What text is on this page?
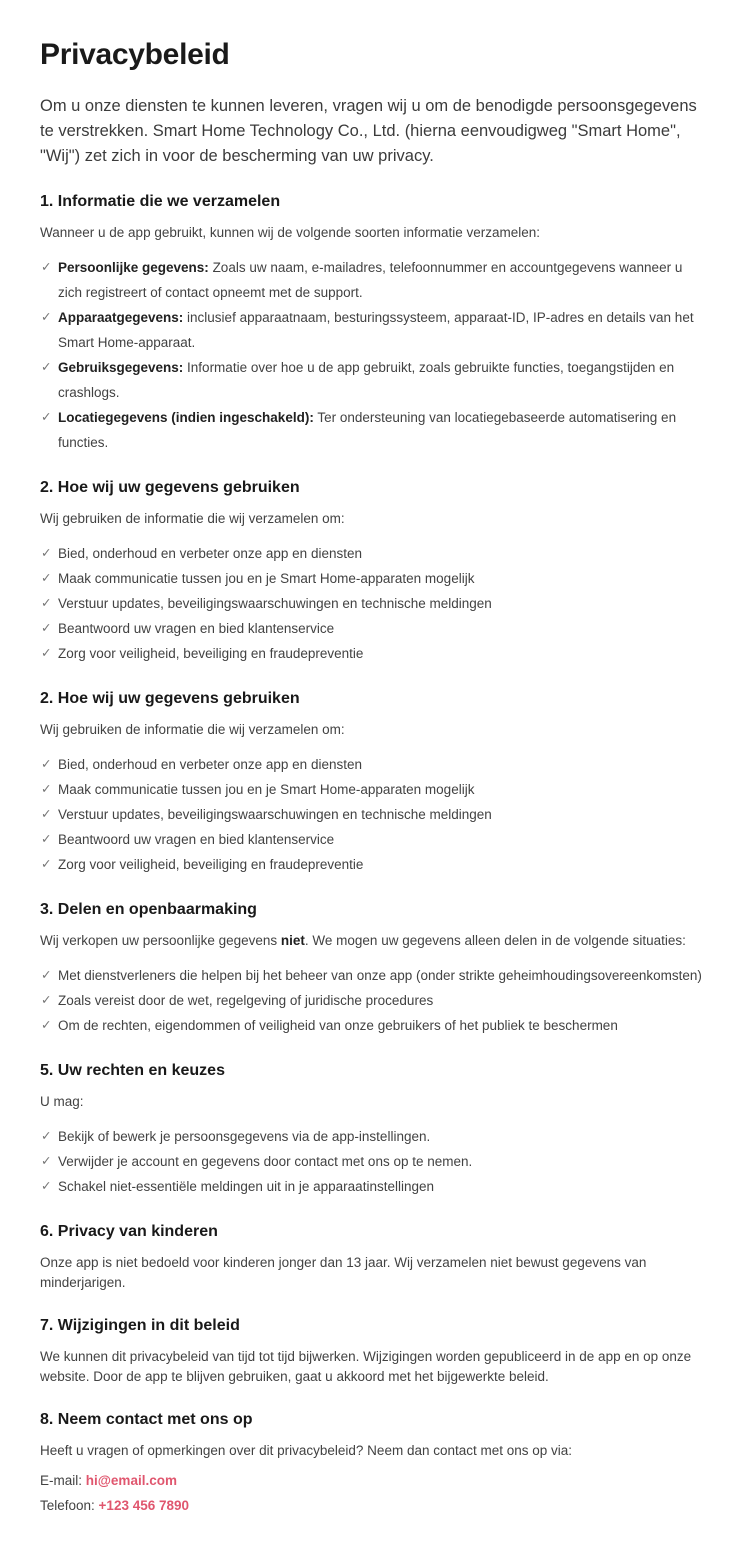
Privacybeleid

Om u onze diensten te kunnen leveren, vragen wij u om de benodigde persoonsgegevens te verstrekken. Smart Home Technology Co., Ltd. (hierna eenvoudigweg "Smart Home", "Wij") zet zich in voor de bescherming van uw privacy.

1. Informatie die we verzamelen

Wanneer u de app gebruikt, kunnen wij de volgende soorten informatie verzamelen:

✓ Persoonlijke gegevens: Zoals uw naam, e-mailadres, telefoonnummer en accountgegevens wanneer u zich registreert of contact opneemt met de support.
✓ Apparaatgegevens: inclusief apparaatnaam, besturingssysteem, apparaat-ID, IP-adres en details van het Smart Home-apparaat.
✓ Gebruiksgegevens: Informatie over hoe u de app gebruikt, zoals gebruikte functies, toegangstijden en crashlogs.
✓ Locatiegegevens (indien ingeschakeld): Ter ondersteuning van locatiegebaseerde automatisering en functies.
2. Hoe wij uw gegevens gebruiken

Wij gebruiken de informatie die wij verzamelen om:

✓ Bied, onderhoud en verbeter onze app en diensten
✓ Maak communicatie tussen jou en je Smart Home-apparaten mogelijk
✓ Verstuur updates, beveiligingswaarschuwingen en technische meldingen
✓ Beantwoord uw vragen en bied klantenservice
✓ Zorg voor veiligheid, beveiliging en fraudepreventie
2. Hoe wij uw gegevens gebruiken

Wij gebruiken de informatie die wij verzamelen om:

✓ Bied, onderhoud en verbeter onze app en diensten
✓ Maak communicatie tussen jou en je Smart Home-apparaten mogelijk
✓ Verstuur updates, beveiligingswaarschuwingen en technische meldingen
✓ Beantwoord uw vragen en bied klantenservice
✓ Zorg voor veiligheid, beveiliging en fraudepreventie
3. Delen en openbaarmaking

Wij verkopen uw persoonlijke gegevens niet. We mogen uw gegevens alleen delen in de volgende situaties:

✓ Met dienstverleners die helpen bij het beheer van onze app (onder strikte geheimhoudingsovereenkomsten)
✓ Zoals vereist door de wet, regelgeving of juridische procedures
✓ Om de rechten, eigendommen of veiligheid van onze gebruikers of het publiek te beschermen
5. Uw rechten en keuzes

U mag:

✓ Bekijk of bewerk je persoonsgegevens via de app-instellingen.
✓ Verwijder je account en gegevens door contact met ons op te nemen.
✓ Schakel niet-essentiële meldingen uit in je apparaatinstellingen
6. Privacy van kinderen

Onze app is niet bedoeld voor kinderen jonger dan 13 jaar. Wij verzamelen niet bewust gegevens van minderjarigen.

7. Wijzigingen in dit beleid

We kunnen dit privacybeleid van tijd tot tijd bijwerken. Wijzigingen worden gepubliceerd in de app en op onze website. Door de app te blijven gebruiken, gaat u akkoord met het bijgewerkte beleid.

8. Neem contact met ons op

Heeft u vragen of opmerkingen over dit privacybeleid? Neem dan contact met ons op via:

E-mail: hi@email.com

Telefoon: +123 456 7890
